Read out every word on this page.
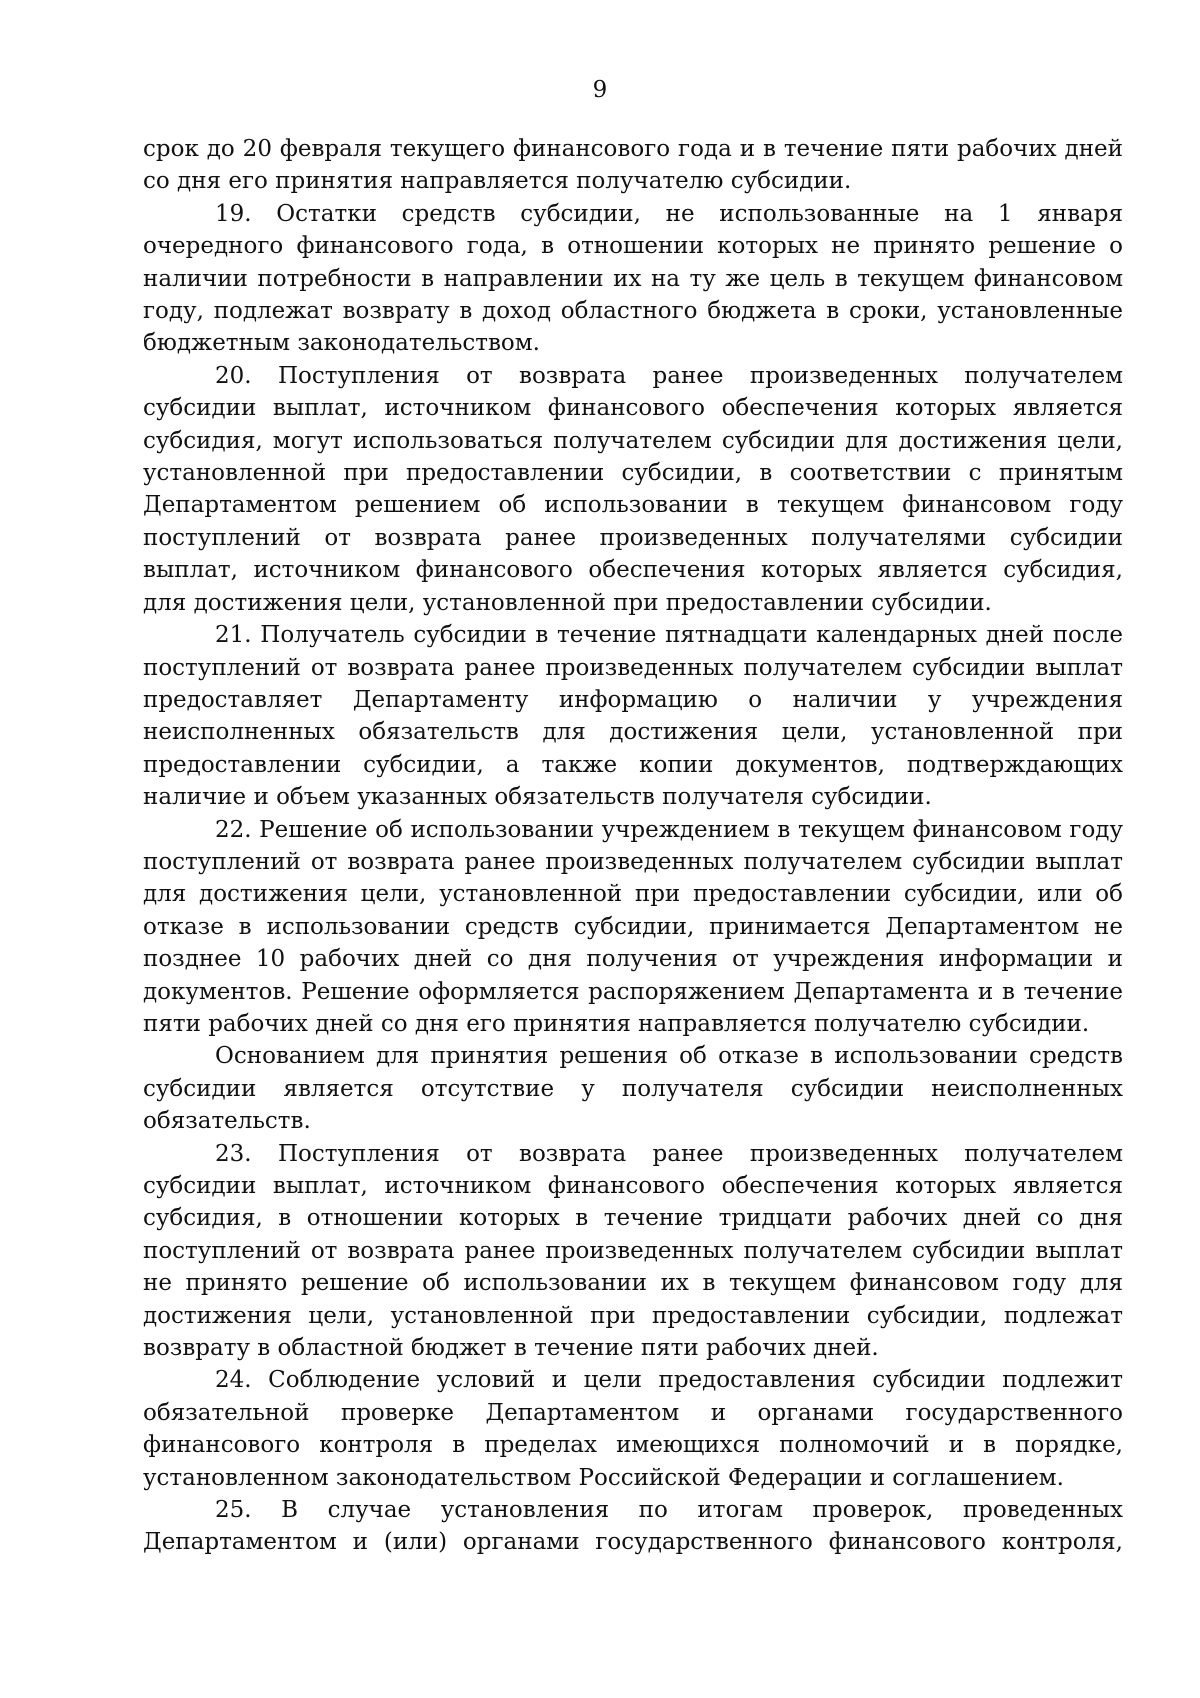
9

срок до 20 февраля текущего финансового года и в течение пяти рабочих дней со дня его принятия направляется получателю субсидии.

19. Остатки средств субсидии, не использованные на 1 января очередного финансового года, в отношении которых не принято решение о наличии потребности в направлении их на ту же цель в текущем финансовом году, подлежат возврату в доход областного бюджета в сроки, установленные бюджетным законодательством.

20. Поступления от возврата ранее произведенных получателем субсидии выплат, источником финансового обеспечения которых является субсидия, могут использоваться получателем субсидии для достижения цели, установленной при предоставлении субсидии, в соответствии с принятым Департаментом решением об использовании в текущем финансовом году поступлений от возврата ранее произведенных получателями субсидии выплат, источником финансового обеспечения которых является субсидия, для достижения цели, установленной при предоставлении субсидии.

21. Получатель субсидии в течение пятнадцати календарных дней после поступлений от возврата ранее произведенных получателем субсидии выплат предоставляет Департаменту информацию о наличии у учреждения неисполненных обязательств для достижения цели, установленной при предоставлении субсидии, а также копии документов, подтверждающих наличие и объем указанных обязательств получателя субсидии.

22. Решение об использовании учреждением в текущем финансовом году поступлений от возврата ранее произведенных получателем субсидии выплат для достижения цели, установленной при предоставлении субсидии, или об отказе в использовании средств субсидии, принимается Департаментом не позднее 10 рабочих дней со дня получения от учреждения информации и документов. Решение оформляется распоряжением Департамента и в течение пяти рабочих дней со дня его принятия направляется получателю субсидии.

Основанием для принятия решения об отказе в использовании средств субсидии является отсутствие у получателя субсидии неисполненных обязательств.

23. Поступления от возврата ранее произведенных получателем субсидии выплат, источником финансового обеспечения которых является субсидия, в отношении которых в течение тридцати рабочих дней со дня поступлений от возврата ранее произведенных получателем субсидии выплат не принято решение об использовании их в текущем финансовом году для достижения цели, установленной при предоставлении субсидии, подлежат возврату в областной бюджет в течение пяти рабочих дней.

24. Соблюдение условий и цели предоставления субсидии подлежит обязательной проверке Департаментом и органами государственного финансового контроля в пределах имеющихся полномочий и в порядке, установленном законодательством Российской Федерации и соглашением.

25. В случае установления по итогам проверок, проведенных Департаментом и (или) органами государственного финансового контроля,
